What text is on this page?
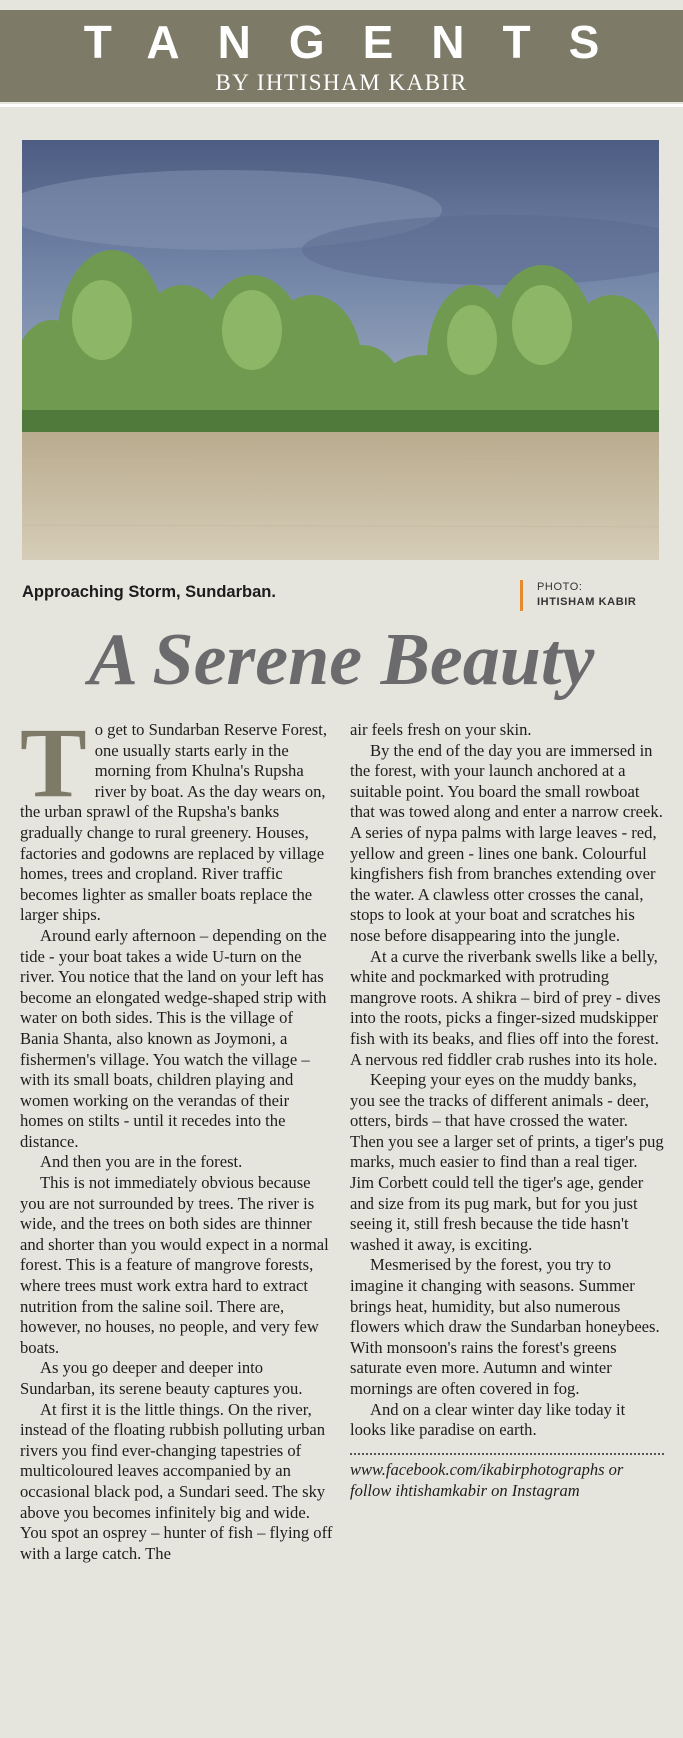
TANGENTS
BY IHTISHAM KABIR
Approaching Storm, Sundarban.	PHOTO:
IHTISHAM KABIR
A Serene Beauty

To get to Sundarban Reserve Forest, one usually starts early in the morning from Khulna's Rupsha river by boat. As the day wears on, the urban sprawl of the Rupsha's banks gradually change to rural greenery. Houses, factories and godowns are replaced by village homes, trees and cropland. River traffic becomes lighter as smaller boats replace the larger ships.

Around early afternoon – depending on the tide - your boat takes a wide U-turn on the river. You notice that the land on your left has become an elongated wedge-shaped strip with water on both sides. This is the village of Bania Shanta, also known as Joymoni, a fishermen's village. You watch the village – with its small boats, children playing and women working on the verandas of their homes on stilts - until it recedes into the distance.

And then you are in the forest.

This is not immediately obvious because you are not surrounded by trees. The river is wide, and the trees on both sides are thinner and shorter than you would expect in a normal forest. This is a feature of mangrove forests, where trees must work extra hard to extract nutrition from the saline soil. There are, however, no houses, no people, and very few boats.

As you go deeper and deeper into Sundarban, its serene beauty captures you.

At first it is the little things. On the river, instead of the floating rubbish polluting urban rivers you find ever-changing tapestries of multicoloured leaves accompanied by an occasional black pod, a Sundari seed. The sky above you becomes infinitely big and wide. You spot an osprey – hunter of fish – flying off with a large catch. The

air feels fresh on your skin.

By the end of the day you are immersed in the forest, with your launch anchored at a suitable point. You board the small rowboat that was towed along and enter a narrow creek. A series of nypa palms with large leaves - red, yellow and green - lines one bank. Colourful kingfishers fish from branches extending over the water. A clawless otter crosses the canal, stops to look at your boat and scratches his nose before disappearing into the jungle.

At a curve the riverbank swells like a belly, white and pockmarked with protruding mangrove roots. A shikra – bird of prey - dives into the roots, picks a finger-sized mudskipper fish with its beaks, and flies off into the forest. A nervous red fiddler crab rushes into its hole.

Keeping your eyes on the muddy banks, you see the tracks of different animals - deer, otters, birds – that have crossed the water. Then you see a larger set of prints, a tiger's pug marks, much easier to find than a real tiger. Jim Corbett could tell the tiger's age, gender and size from its pug mark, but for you just seeing it, still fresh because the tide hasn't washed it away, is exciting.

Mesmerised by the forest, you try to imagine it changing with seasons. Summer brings heat, humidity, but also numerous flowers which draw the Sundarban honeybees. With monsoon's rains the forest's greens saturate even more. Autumn and winter mornings are often covered in fog.

And on a clear winter day like today it looks like paradise on earth.

www.facebook.com/ikabirphotographs or follow ihtishamkabir on Instagram
